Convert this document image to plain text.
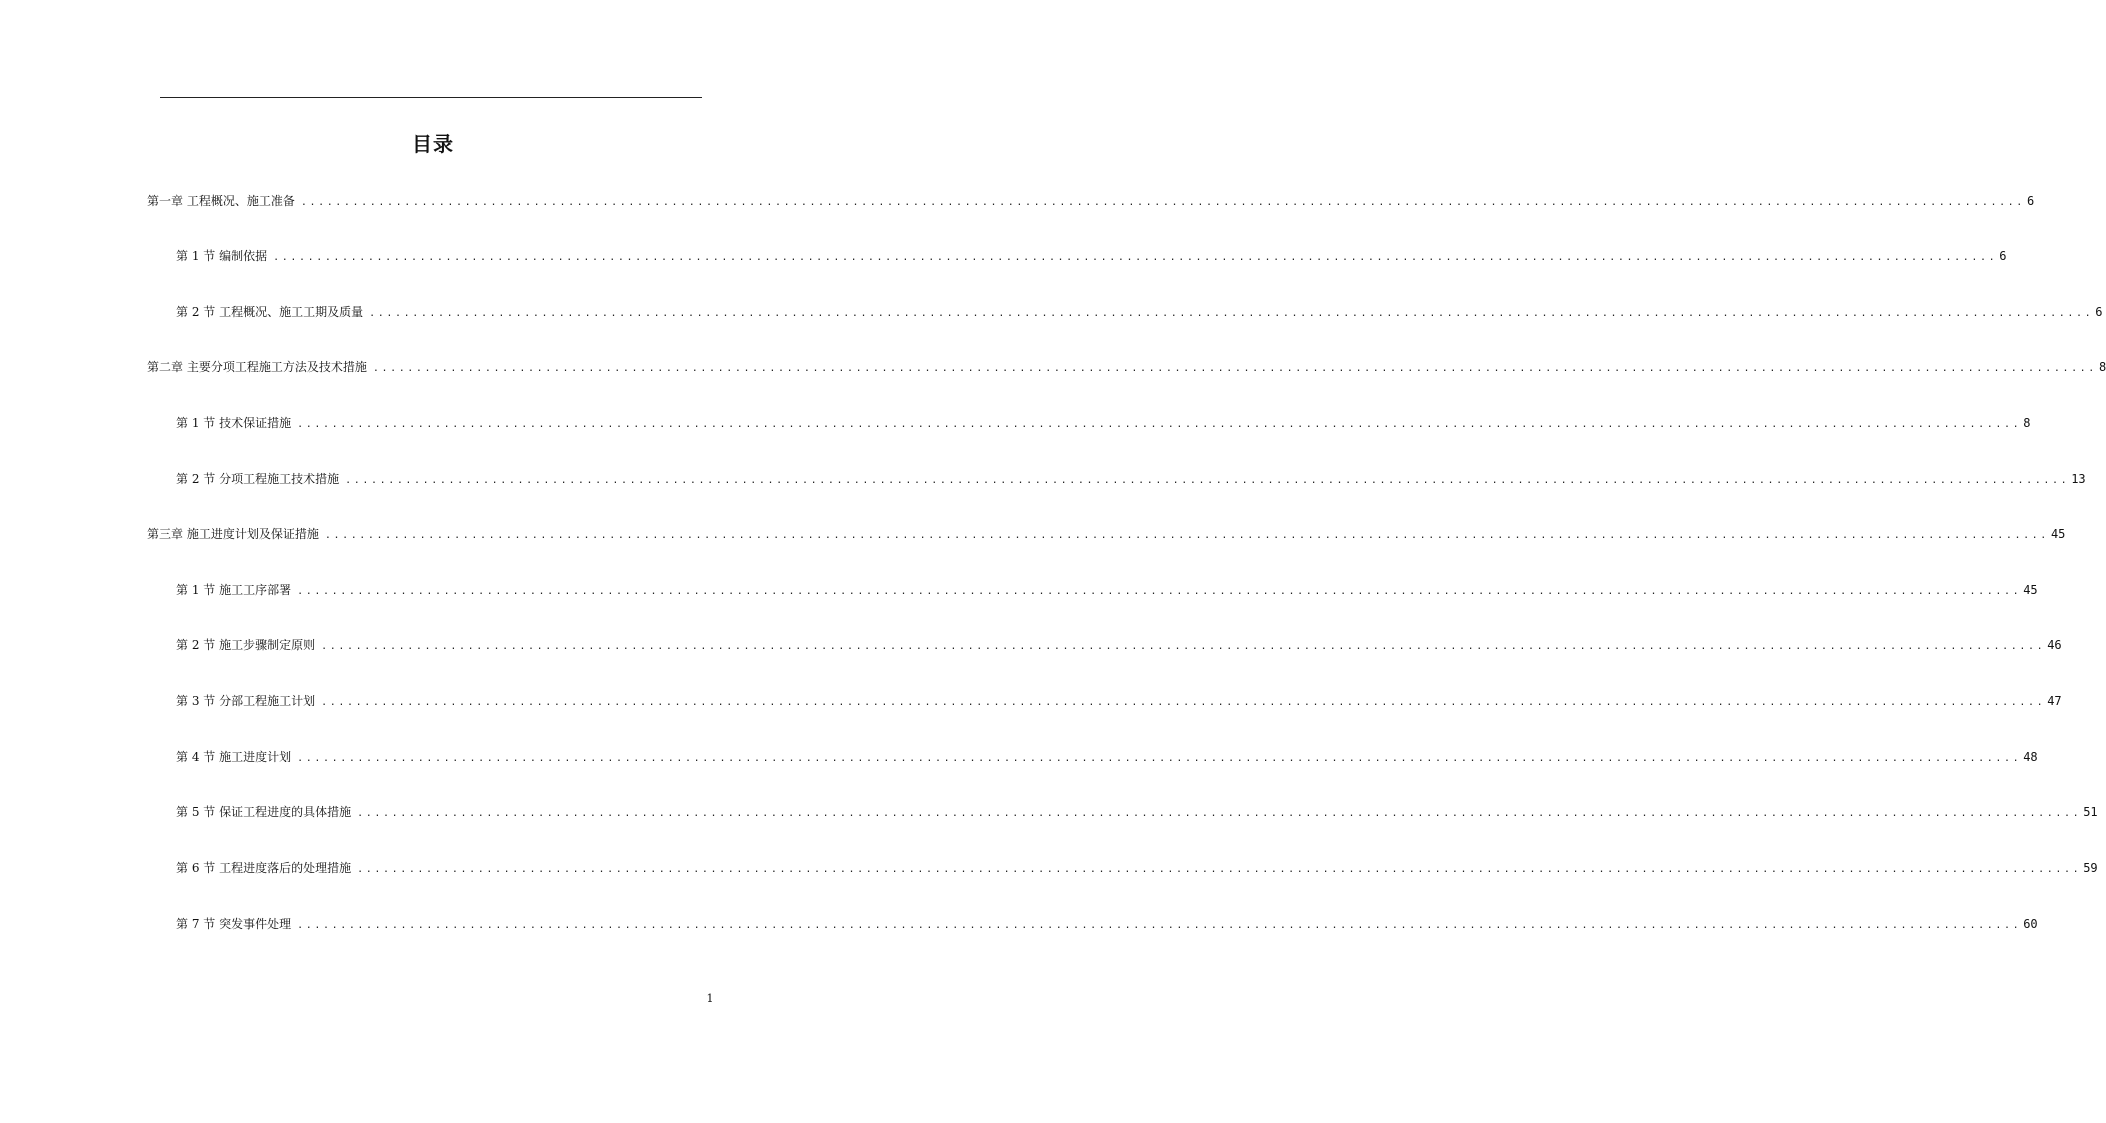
目录
第一章 工程概况、施工准备 ........................................................................................................................................................................................................ 6
第 1 节 编制依据 ........................................................................................................................................................................................................ 6
第 2 节 工程概况、施工工期及质量 ........................................................................................................................................................................................................ 6
第二章 主要分项工程施工方法及技术措施 ........................................................................................................................................................................................................ 8
第 1 节 技术保证措施 ........................................................................................................................................................................................................ 8
第 2 节 分项工程施工技术措施 ........................................................................................................................................................................................................ 13
第三章 施工进度计划及保证措施 ........................................................................................................................................................................................................ 45
第 1 节 施工工序部署 ........................................................................................................................................................................................................ 45
第 2 节 施工步骤制定原则 ........................................................................................................................................................................................................ 46
第 3 节 分部工程施工计划 ........................................................................................................................................................................................................ 47
第 4 节 施工进度计划 ........................................................................................................................................................................................................ 48
第 5 节 保证工程进度的具体措施 ........................................................................................................................................................................................................ 51
第 6 节 工程进度落后的处理措施 ........................................................................................................................................................................................................ 59
第 7 节 突发事件处理 ........................................................................................................................................................................................................ 60
1
